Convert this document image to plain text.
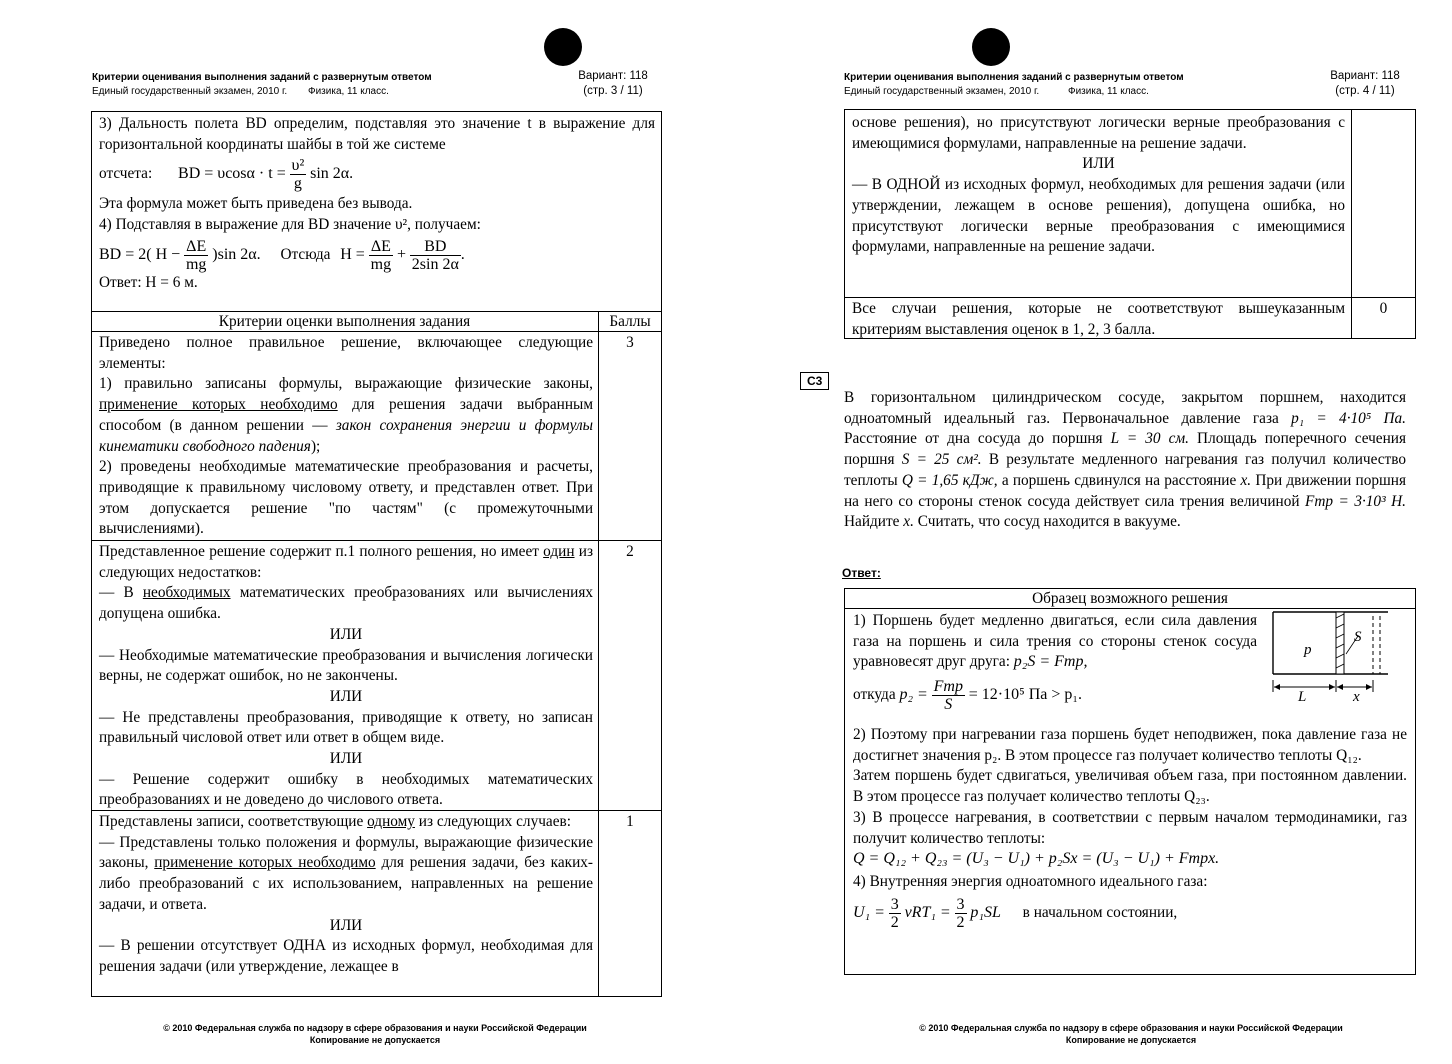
Критерии оценивания выполнения заданий с развернутым ответом
Единый государственный экзамен, 2010 г. Физика, 11 класс.
Вариант: 118
(стр. 3 / 11)
3) Дальность полета BD определим, подставляя это значение t в выражение для горизонтальной координаты шайбы в той же системе
отсчета: BD = $\upsilon\cos\alpha \cdot t = \frac{\text{υ²}}{g}$ sin 2α.
Эта формула может быть приведена без вывода.
4) Подставляя в выражение для BD значение υ², получаем:
BD = 2( $H - \frac{\Delta E}{mg} )\sin$ 2α. Отсюда $H = \frac{\Delta E}{mg} + \frac{BD}{2\sin 2\alpha}$ .
Ответ: H = 6 м.
Критерии оценки выполнения задания	Баллы
Приведено полное правильное решение, включающее следующие элементы:
1) правильно записаны формулы, выражающие физические законы, применение которых необходимо для решения задачи выбранным способом (в данном решении — закон сохранения энергии и формулы кинематики свободного падения);
2) проведены необходимые математические преобразования и расчеты, приводящие к правильному числовому ответу, и представлен ответ. При этом допускается решение "по частям" (с промежуточными вычислениями).
3
Представленное решение содержит п.1 полного решения, но имеет один из следующих недостатков:
— В необходимых математических преобразованиях или вычислениях допущена ошибка.
ИЛИ
— Необходимые математические преобразования и вычисления логически верны, не содержат ошибок, но не закончены.
ИЛИ
— Не представлены преобразования, приводящие к ответу, но записан правильный числовой ответ или ответ в общем виде.
ИЛИ
— Решение содержит ошибку в необходимых математических преобразованиях и не доведено до числового ответа.
2
Представлены записи, соответствующие одному из следующих случаев:
— Представлены только положения и формулы, выражающие физические законы, применение которых необходимо для решения задачи, без каких-либо преобразований с их использованием, направленных на решение задачи, и ответа.
ИЛИ
— В решении отсутствует ОДНА из исходных формул, необходимая для решения задачи (или утверждение, лежащее в
1
© 2010 Федеральная служба по надзору в сфере образования и науки Российской Федерации
Копирование не допускается
Критерии оценивания выполнения заданий с развернутым ответом
Единый государственный экзамен, 2010 г.	Физика, 11 класс.
Вариант: 118
(стр. 4 / 11)
основе решения), но присутствуют логически верные преобразования с имеющимися формулами, направленные на решение задачи.
ИЛИ
— В ОДНОЙ из исходных формул, необходимых для решения задачи (или утверждении, лежащем в основе решения), допущена ошибка, но присутствуют логически верные преобразования с имеющимися формулами, направленные на решение задачи.
Все случаи решения, которые не соответствуют вышеуказанным критериям выставления оценок в 1, 2, 3 балла.
0
С3
В горизонтальном цилиндрическом сосуде, закрытом поршнем, находится одноатомный идеальный газ. Первоначальное давление газа p₁ = 4·10⁵ Па. Расстояние от дна сосуда до поршня L = 30 см. Площадь поперечного сечения поршня S = 25 см². В результате медленного нагревания газ получил количество теплоты Q = 1,65 кДж, а поршень сдвинулся на расстояние x. При движении поршня на него со стороны стенок сосуда действует сила трения величиной Fтр = 3·10³ Н. Найдите x. Считать, что сосуд находится в вакууме.
Ответ:
Образец возможного решения
1) Поршень будет медленно двигаться, если сила давления газа на поршень и сила трения со стороны стенок сосуда уравновесят друг друга: p₂S = Fтр,
откуда $p_2 = \frac{\text{Fтр}}{S} = 12\cdot 10^5$ Па > p₁.
p
S
L	x
2) Поэтому при нагревании газа поршень будет неподвижен, пока давление газа не достигнет значения p₂. В этом процессе газ получает количество теплоты Q₁₂.
Затем поршень будет сдвигаться, увеличивая объем газа, при постоянном давлении. В этом процессе газ получает количество теплоты Q₂₃.
3) В процессе нагревания, в соответствии с первым началом термодинамики, газ получит количество теплоты:
Q = Q₁₂ + Q₂₃ = (U₃ − U₁) + p₂Sx = (U₃ − U₁) + Fтрx.
4) Внутренняя энергия одноатомного идеального газа:
$U_1 = \frac{3}{2} \nu RT_1 = \frac{3}{2} p_1SL$ в начальном состоянии,
© 2010 Федеральная служба по надзору в сфере образования и науки Российской Федерации
Копирование не допускается
